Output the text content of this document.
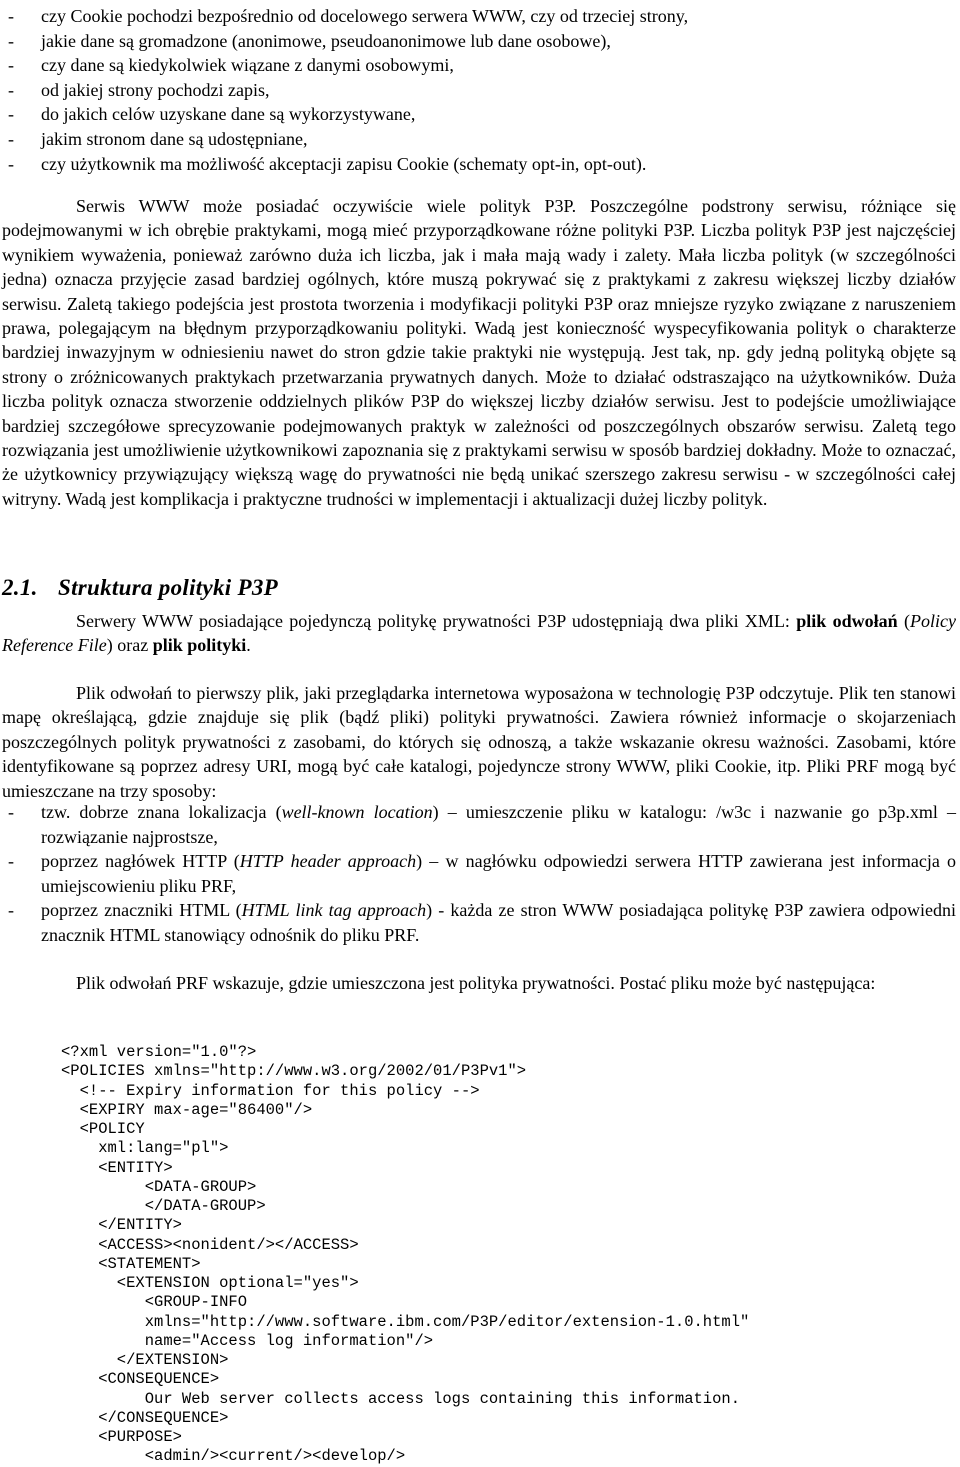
- czy Cookie pochodzi bezpośrednio od docelowego serwera WWW, czy od trzeciej strony,
- jakie dane są gromadzone (anonimowe, pseudoanonimowe lub dane osobowe),
- czy dane są kiedykolwiek wiązane z danymi osobowymi,
- od jakiej strony pochodzi zapis,
- do jakich celów uzyskane dane są wykorzystywane,
- jakim stronom dane są udostępniane,
- czy użytkownik ma możliwość akceptacji zapisu Cookie (schematy opt-in, opt-out).

Serwis WWW może posiadać oczywiście wiele polityk P3P. Poszczególne podstrony serwisu, różniące się podejmowanymi w ich obrębie praktykami, mogą mieć przyporządkowane różne polityki P3P. Liczba polityk P3P jest najczęściej wynikiem wyważenia, ponieważ zarówno duża ich liczba, jak i mała mają wady i zalety. Mała liczba polityk (w szczególności jedna) oznacza przyjęcie zasad bardziej ogólnych, które muszą pokrywać się z praktykami z zakresu większej liczby działów serwisu. Zaletą takiego podejścia jest prostota tworzenia i modyfikacji polityki P3P oraz mniejsze ryzyko związane z naruszeniem prawa, polegającym na błędnym przyporządkowaniu polityki. Wadą jest konieczność wyspecyfikowania polityk o charakterze bardziej inwazyjnym w odniesieniu nawet do stron gdzie takie praktyki nie występują. Jest tak, np. gdy jedną polityką objęte są strony o zróżnicowanych praktykach przetwarzania prywatnych danych. Może to działać odstraszająco na użytkowników. Duża liczba polityk oznacza stworzenie oddzielnych plików P3P do większej liczby działów serwisu. Jest to podejście umożliwiające bardziej szczegółowe sprecyzowanie podejmowanych praktyk w zależności od poszczególnych obszarów serwisu. Zaletą tego rozwiązania jest umożliwienie użytkownikowi zapoznania się z praktykami serwisu w sposób bardziej dokładny. Może to oznaczać, że użytkownicy przywiązujący większą wagę do prywatności nie będą unikać szerszego zakresu serwisu - w szczególności całej witryny. Wadą jest komplikacja i praktyczne trudności w implementacji i aktualizacji dużej liczby polityk.

2.1. Struktura polityki P3P

Serwery WWW posiadające pojedynczą politykę prywatności P3P udostępniają dwa pliki XML: plik odwołań (Policy Reference File) oraz plik polityki.

Plik odwołań to pierwszy plik, jaki przeglądarka internetowa wyposażona w technologię P3P odczytuje. Plik ten stanowi mapę określającą, gdzie znajduje się plik (bądź pliki) polityki prywatności. Zawiera również informacje o skojarzeniach poszczególnych polityk prywatności z zasobami, do których się odnoszą, a także wskazanie okresu ważności. Zasobami, które identyfikowane są poprzez adresy URI, mogą być całe katalogi, pojedyncze strony WWW, pliki Cookie, itp. Pliki PRF mogą być umieszczane na trzy sposoby:

- tzw. dobrze znana lokalizacja (well-known location) – umieszczenie pliku w katalogu: /w3c i nazwanie go p3p.xml – rozwiązanie najprostsze,
- poprzez nagłówek HTTP (HTTP header approach) – w nagłówku odpowiedzi serwera HTTP zawierana jest informacja o umiejscowieniu pliku PRF,
- poprzez znaczniki HTML (HTML link tag approach) - każda ze stron WWW posiadająca politykę P3P zawiera odpowiedni znacznik HTML stanowiący odnośnik do pliku PRF.

Plik odwołań PRF wskazuje, gdzie umieszczona jest polityka prywatności. Postać pliku może być następująca:

<?xml version="1.0"?>
<POLICIES xmlns="http://www.w3.org/2002/01/P3Pv1">
<!-- Expiry information for this policy -->
<EXPIRY max-age="86400"/>
<POLICY
xml:lang="pl">
<ENTITY>
<DATA-GROUP>
</DATA-GROUP>
</ENTITY>
<ACCESS><nonident/></ACCESS>
<STATEMENT>
<EXTENSION optional="yes">
<GROUP-INFO
xmlns="http://www.software.ibm.com/P3P/editor/extension-1.0.html"
name="Access log information"/>
</EXTENSION>
<CONSEQUENCE>
Our Web server collects access logs containing this information.
</CONSEQUENCE>
<PURPOSE>
<admin/><current/><develop/>
